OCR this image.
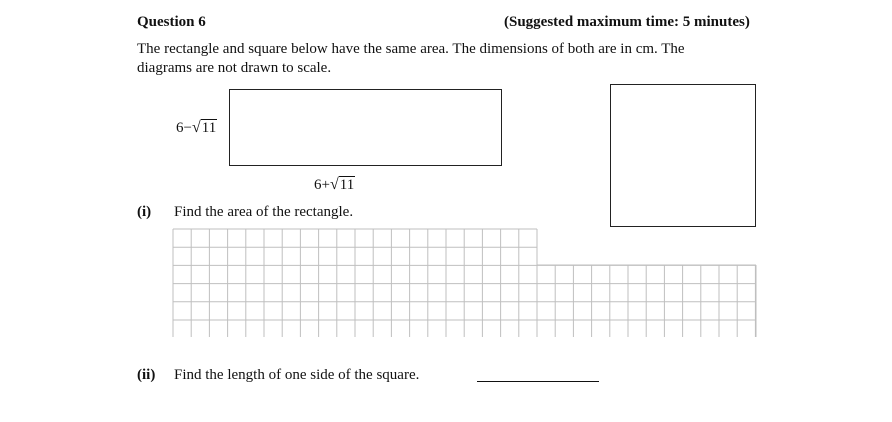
Question 6	(Suggested maximum time: 5 minutes)
The rectangle and square below have the same area. The dimensions of both are in cm. The diagrams are not drawn to scale.
6−√11
6+√11
(i) Find the area of the rectangle.
(ii) Find the length of one side of the square.
